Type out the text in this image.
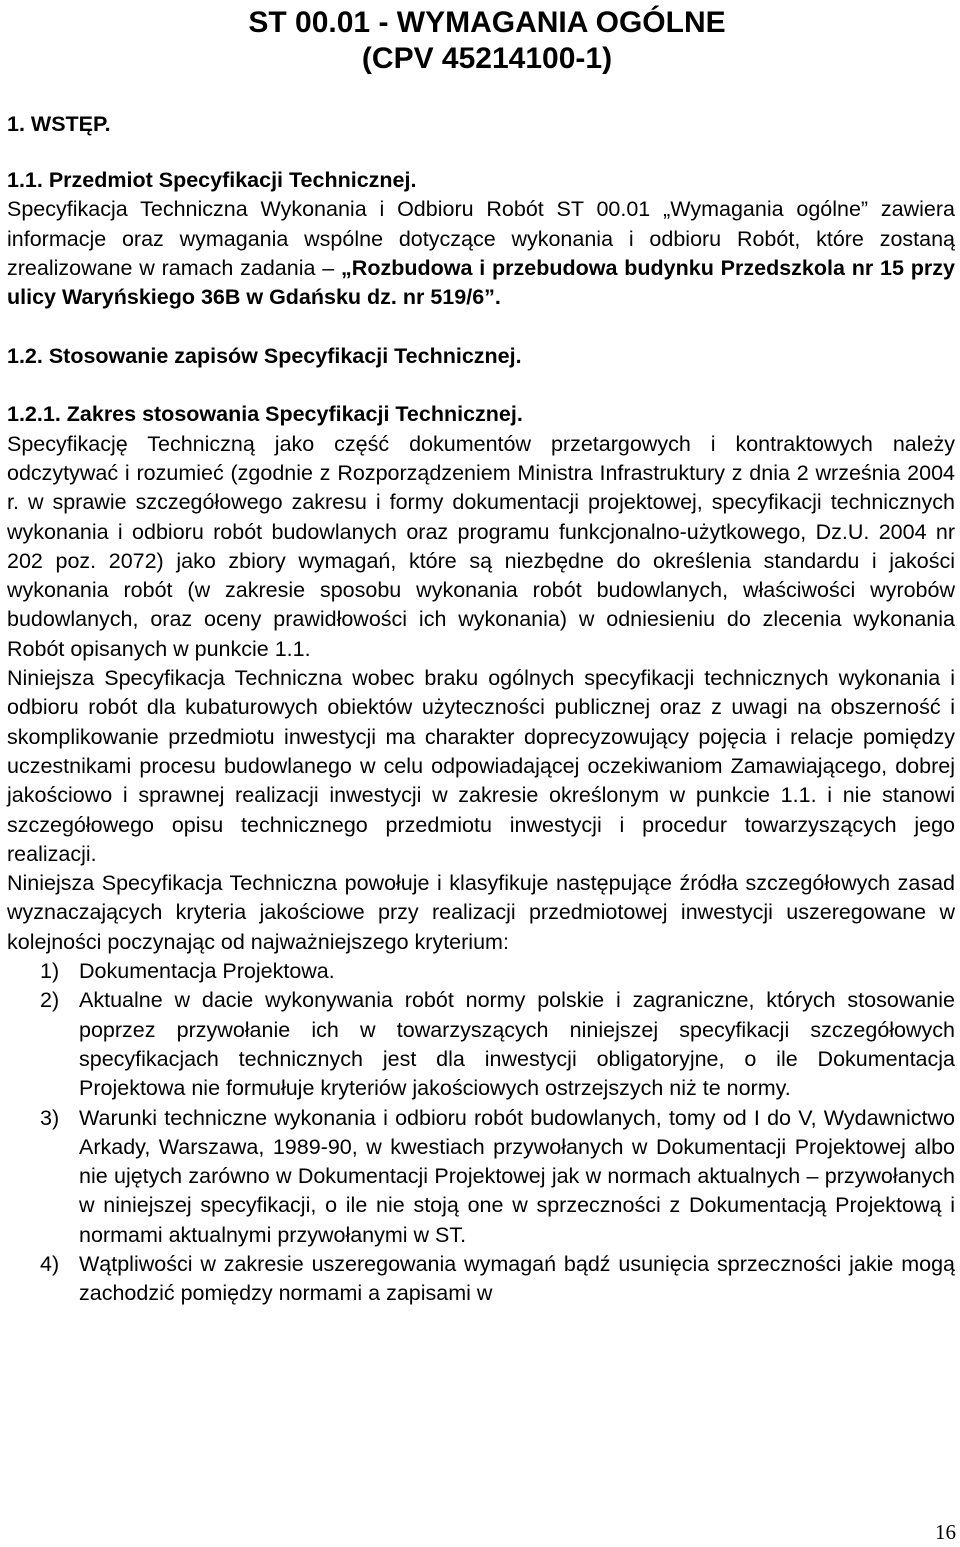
ST 00.01 - WYMAGANIA OGÓLNE
(CPV 45214100-1)
1. WSTĘP.
1.1. Przedmiot Specyfikacji Technicznej.
Specyfikacja Techniczna Wykonania i Odbioru Robót ST 00.01 „Wymagania ogólne” zawiera informacje oraz wymagania wspólne dotyczące wykonania i odbioru Robót, które zostaną zrealizowane w ramach zadania – „Rozbudowa i przebudowa budynku Przedszkola nr 15 przy ulicy Waryńskiego 36B w Gdańsku dz. nr 519/6”.
1.2. Stosowanie zapisów Specyfikacji Technicznej.
1.2.1. Zakres stosowania Specyfikacji Technicznej.
Specyfikację Techniczną jako część dokumentów przetargowych i kontraktowych należy odczytywać i rozumieć (zgodnie z Rozporządzeniem Ministra Infrastruktury z dnia 2 września 2004 r. w sprawie szczegółowego zakresu i formy dokumentacji projektowej, specyfikacji technicznych wykonania i odbioru robót budowlanych oraz programu funkcjonalno-użytkowego, Dz.U. 2004 nr 202 poz. 2072) jako zbiory wymagań, które są niezbędne do określenia standardu i jakości wykonania robót (w zakresie sposobu wykonania robót budowlanych, właściwości wyrobów budowlanych, oraz oceny prawidłowości ich wykonania) w odniesieniu do zlecenia wykonania Robót opisanych w punkcie 1.1.
Niniejsza Specyfikacja Techniczna wobec braku ogólnych specyfikacji technicznych wykonania i odbioru robót dla kubaturowych obiektów użyteczności publicznej oraz z uwagi na obszerność i skomplikowanie przedmiotu inwestycji ma charakter doprecyzowujący pojęcia i relacje pomiędzy uczestnikami procesu budowlanego w celu odpowiadającej oczekiwaniom Zamawiającego, dobrej jakościowo i sprawnej realizacji inwestycji w zakresie określonym w punkcie 1.1. i nie stanowi szczegółowego opisu technicznego przedmiotu inwestycji i procedur towarzyszących jego realizacji.
Niniejsza Specyfikacja Techniczna powołuje i klasyfikuje następujące źródła szczegółowych zasad wyznaczających kryteria jakościowe przy realizacji przedmiotowej inwestycji uszeregowane w kolejności poczynając od najważniejszego kryterium:
1) Dokumentacja Projektowa.
2) Aktualne w dacie wykonywania robót normy polskie i zagraniczne, których stosowanie poprzez przywołanie ich w towarzyszących niniejszej specyfikacji szczegółowych specyfikacjach technicznych jest dla inwestycji obligatoryjne, o ile Dokumentacja Projektowa nie formułuje kryteriów jakościowych ostrzejszych niż te normy.
3) Warunki techniczne wykonania i odbioru robót budowlanych, tomy od I do V, Wydawnictwo Arkady, Warszawa, 1989-90, w kwestiach przywołanych w Dokumentacji Projektowej albo nie ujętych zarówno w Dokumentacji Projektowej jak w normach aktualnych – przywołanych w niniejszej specyfikacji, o ile nie stoją one w sprzeczności z Dokumentacją Projektową i normami aktualnymi przywołanymi w ST.
4) Wątpliwości w zakresie uszeregowania wymagań bądź usunięcia sprzeczności jakie mogą zachodzić pomiędzy normami a zapisami w
16
